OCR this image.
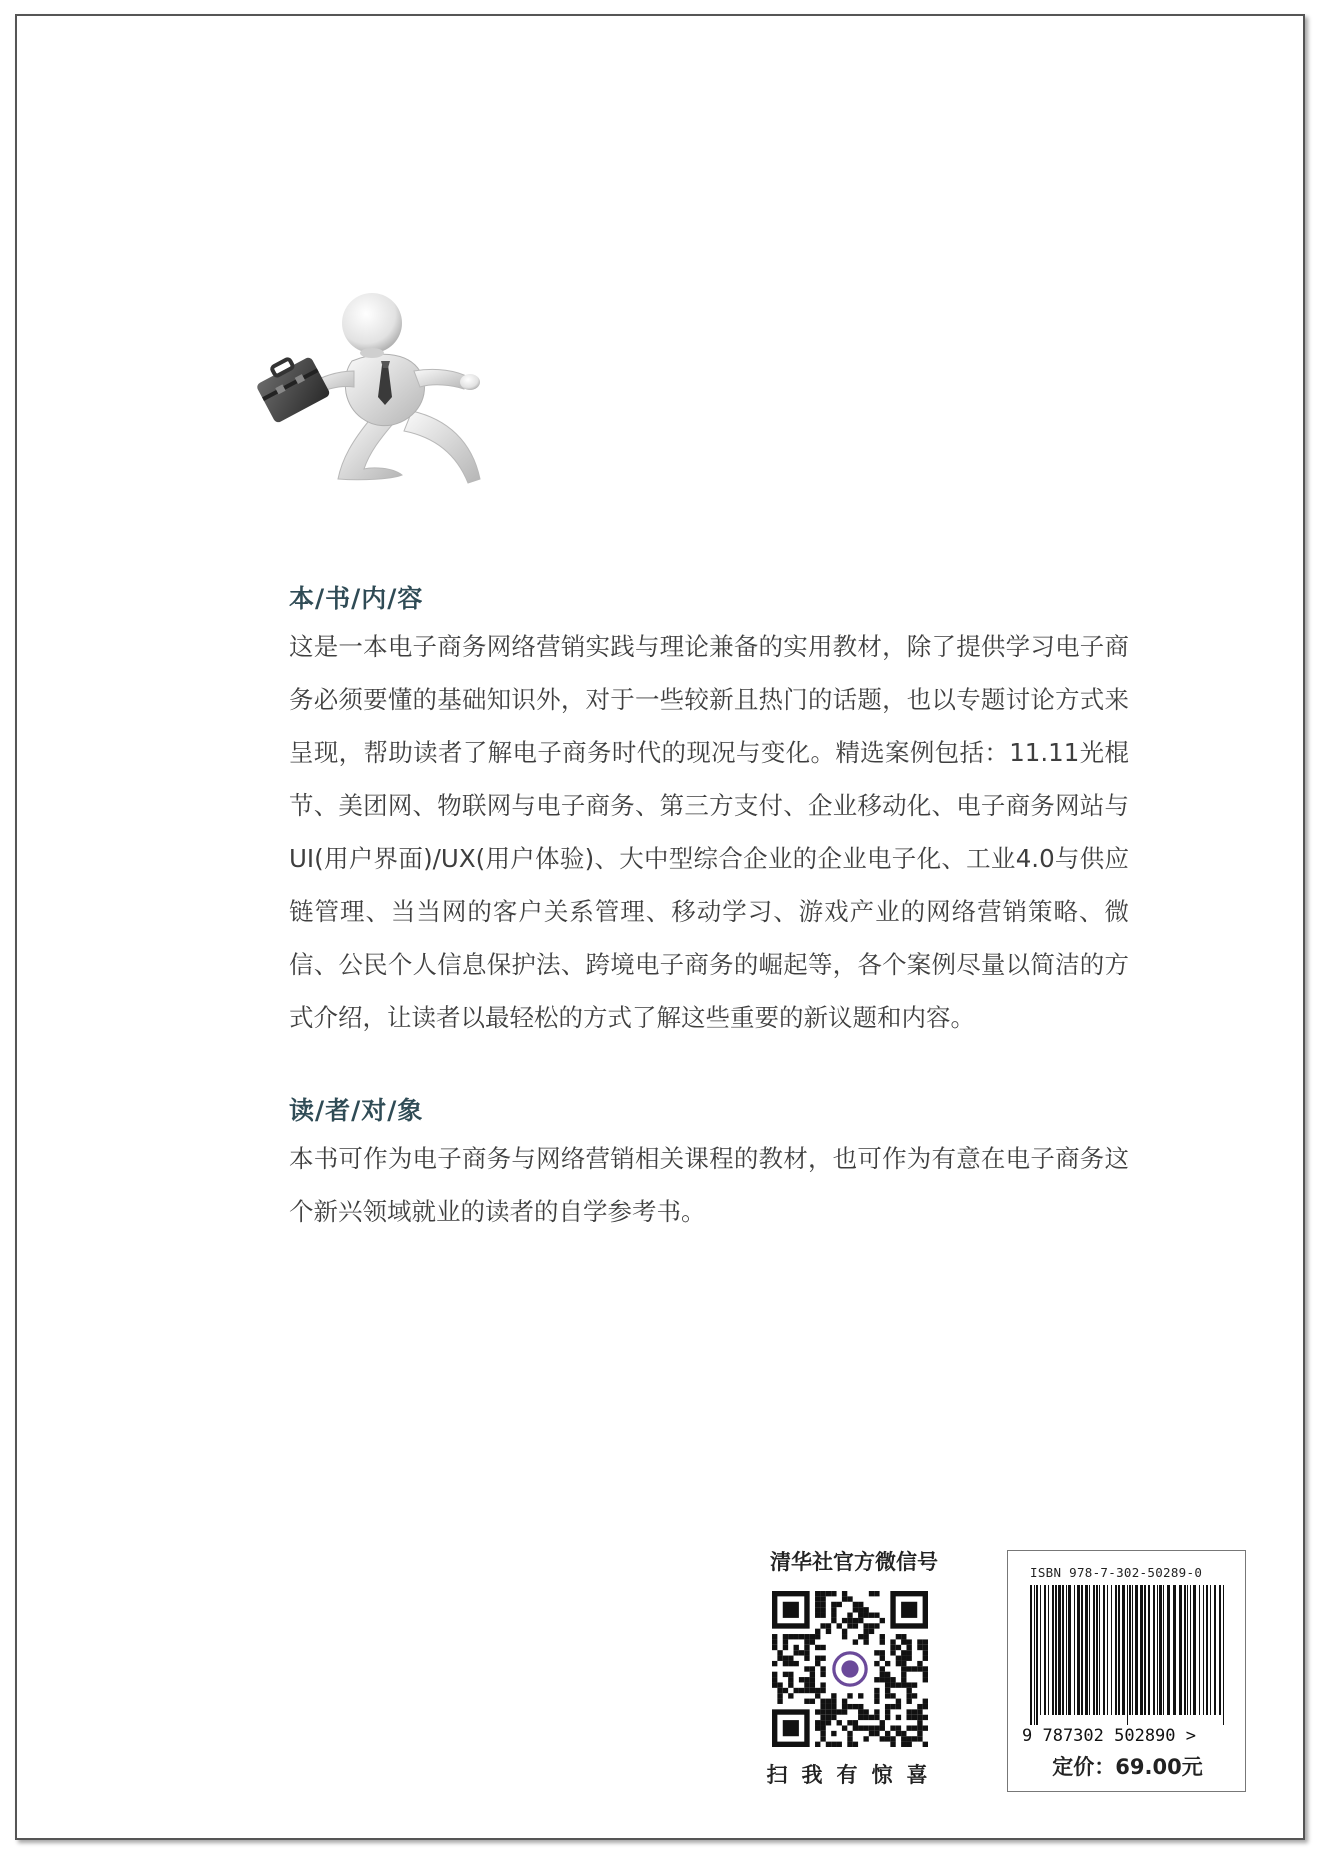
本/书/内/容

这是一本电子商务网络营销实践与理论兼备的实用教材，除了提供学习电子商务必须要懂的基础知识外，对于一些较新且热门的话题，也以专题讨论方式来呈现，帮助读者了解电子商务时代的现况与变化。精选案例包括：11.11光棍节、美团网、物联网与电子商务、第三方支付、企业移动化、电子商务网站与UI(用户界面)/UX(用户体验)、大中型综合企业的企业电子化、工业4.0与供应链管理、当当网的客户关系管理、移动学习、游戏产业的网络营销策略、微信、公民个人信息保护法、跨境电子商务的崛起等，各个案例尽量以简洁的方式介绍，让读者以最轻松的方式了解这些重要的新议题和内容。

读/者/对/象

本书可作为电子商务与网络营销相关课程的教材，也可作为有意在电子商务这个新兴领域就业的读者的自学参考书。

清华社官方微信号
扫我有惊喜
ISBN 978-7-302-50289-0
9 787302 502890 >
定价：69.00元
